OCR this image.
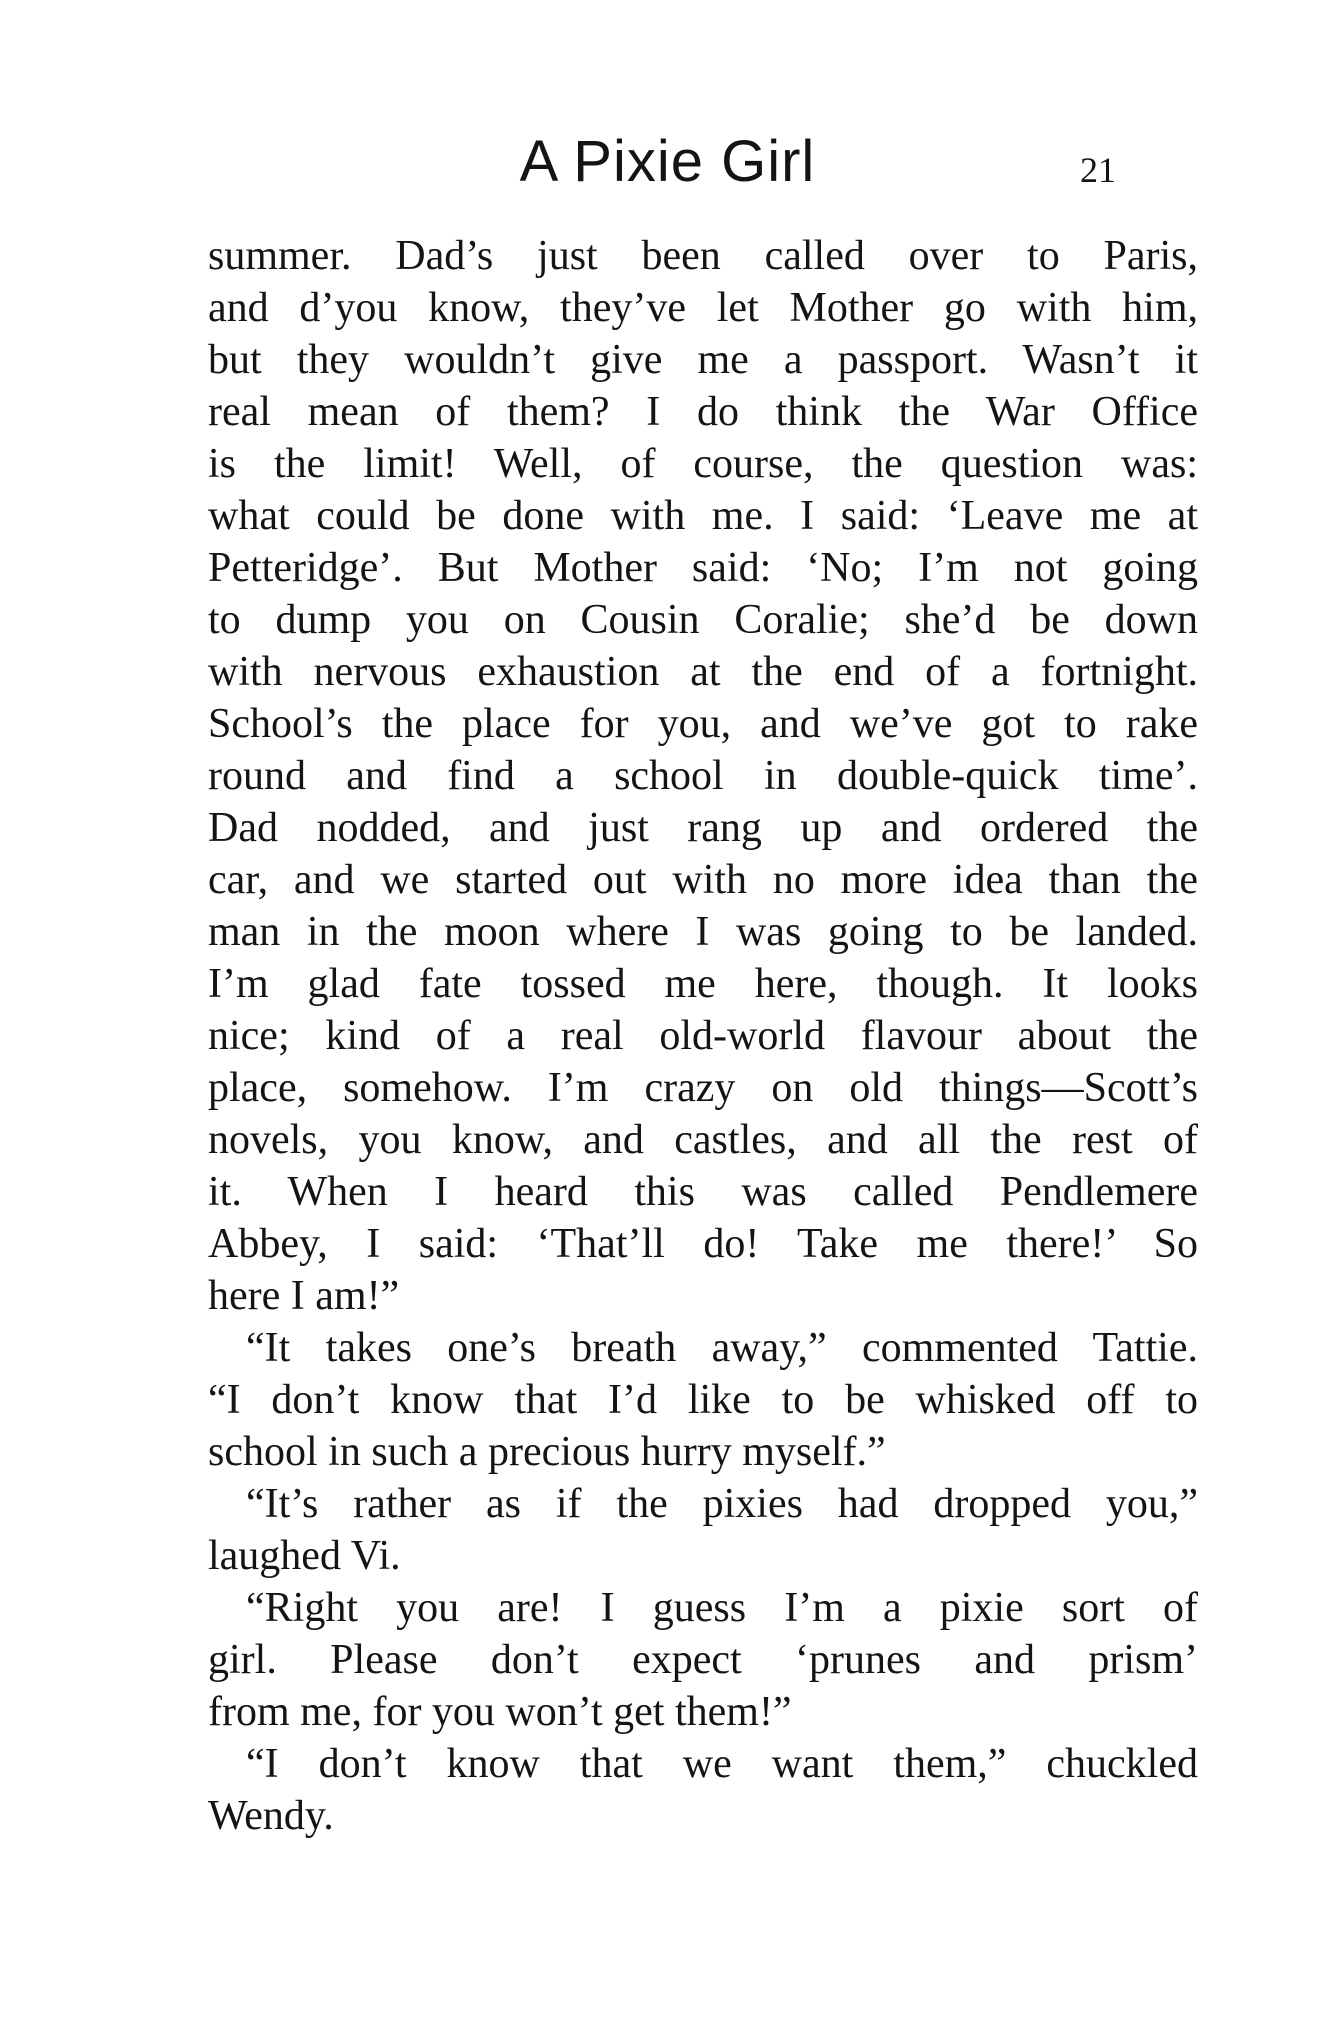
A Pixie Girl	21
summer. Dad’s just been called over to Paris,
and d’you know, they’ve let Mother go with him,
but they wouldn’t give me a passport. Wasn’t it
real mean of them? I do think the War Office
is the limit! Well, of course, the question was:
what could be done with me. I said: ‘Leave me at
Petteridge’. But Mother said: ‘No; I’m not going
to dump you on Cousin Coralie; she’d be down
with nervous exhaustion at the end of a fortnight.
School’s the place for you, and we’ve got to rake
round and find a school in double-quick time’.
Dad nodded, and just rang up and ordered the
car, and we started out with no more idea than the
man in the moon where I was going to be landed.
I’m glad fate tossed me here, though. It looks
nice; kind of a real old-world flavour about the
place, somehow. I’m crazy on old things—Scott’s
novels, you know, and castles, and all the rest of
it. When I heard this was called Pendlemere
Abbey, I said: ‘That’ll do! Take me there!’ So
here I am!”
“It takes one’s breath away,” commented Tattie.
“I don’t know that I’d like to be whisked off to
school in such a precious hurry myself.”
“It’s rather as if the pixies had dropped you,”
laughed Vi.
“Right you are! I guess I’m a pixie sort of
girl. Please don’t expect ‘prunes and prism’
from me, for you won’t get them!”
“I don’t know that we want them,” chuckled
Wendy.
